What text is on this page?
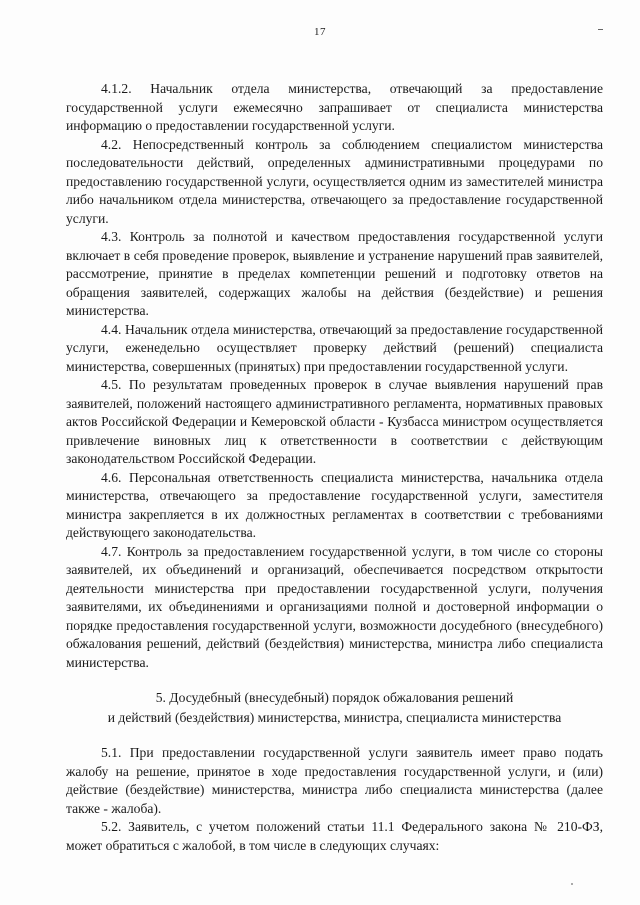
17

4.1.2. Начальник отдела министерства, отвечающий за предоставление государственной услуги ежемесячно запрашивает от специалиста министерства информацию о предоставлении государственной услуги.

4.2. Непосредственный контроль за соблюдением специалистом министерства последовательности действий, определенных административными процедурами по предоставлению государственной услуги, осуществляется одним из заместителей министра либо начальником отдела министерства, отвечающего за предоставление государственной услуги.

4.3. Контроль за полнотой и качеством предоставления государственной услуги включает в себя проведение проверок, выявление и устранение нарушений прав заявителей, рассмотрение, принятие в пределах компетенции решений и подготовку ответов на обращения заявителей, содержащих жалобы на действия (бездействие) и решения министерства.

4.4. Начальник отдела министерства, отвечающий за предоставление государственной услуги, еженедельно осуществляет проверку действий (решений) специалиста министерства, совершенных (принятых) при предоставлении государственной услуги.

4.5. По результатам проведенных проверок в случае выявления нарушений прав заявителей, положений настоящего административного регламента, нормативных правовых актов Российской Федерации и Кемеровской области - Кузбасса министром осуществляется привлечение виновных лиц к ответственности в соответствии с действующим законодательством Российской Федерации.

4.6. Персональная ответственность специалиста министерства, начальника отдела министерства, отвечающего за предоставление государственной услуги, заместителя министра закрепляется в их должностных регламентах в соответствии с требованиями действующего законодательства.

4.7. Контроль за предоставлением государственной услуги, в том числе со стороны заявителей, их объединений и организаций, обеспечивается посредством открытости деятельности министерства при предоставлении государственной услуги, получения заявителями, их объединениями и организациями полной и достоверной информации о порядке предоставления государственной услуги, возможности досудебного (внесудебного) обжалования решений, действий (бездействия) министерства, министра либо специалиста министерства.

5. Досудебный (внесудебный) порядок обжалования решений
и действий (бездействия) министерства, министра, специалиста министерства

5.1. При предоставлении государственной услуги заявитель имеет право подать жалобу на решение, принятое в ходе предоставления государственной услуги, и (или) действие (бездействие) министерства, министра либо специалиста министерства (далее также - жалоба).

5.2. Заявитель, с учетом положений статьи 11.1 Федерального закона № 210-ФЗ, может обратиться с жалобой, в том числе в следующих случаях:
